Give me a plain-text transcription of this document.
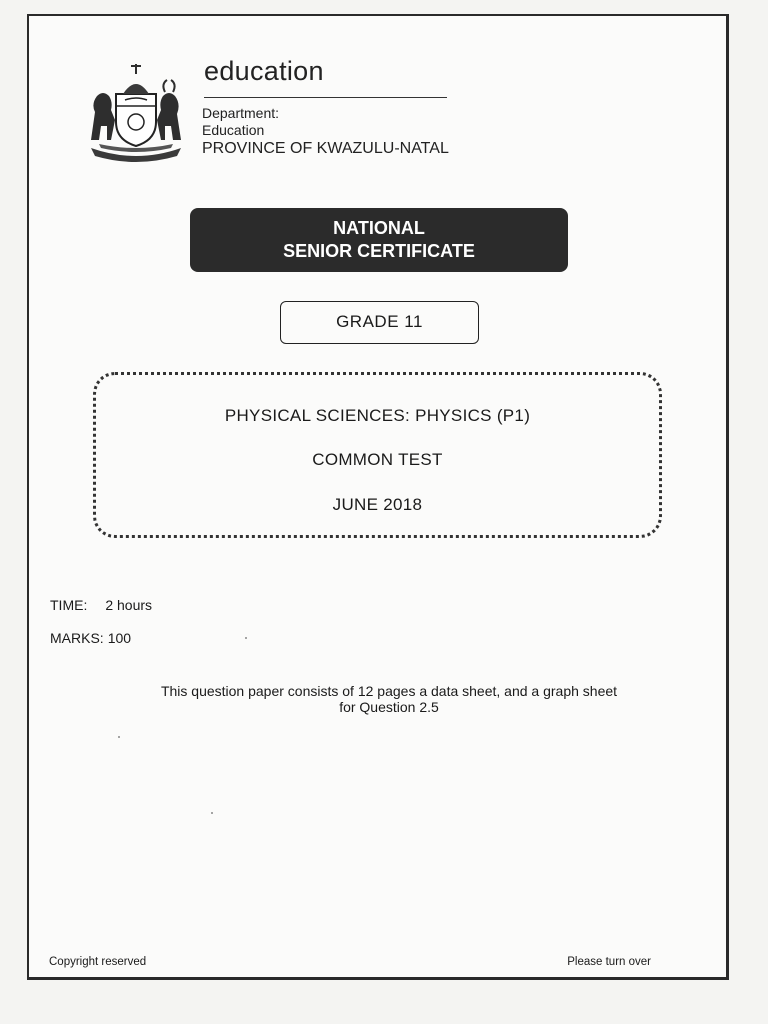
education
Department:
Education
PROVINCE OF KWAZULU-NATAL
NATIONAL
SENIOR CERTIFICATE
GRADE 11
PHYSICAL SCIENCES: PHYSICS (P1)
COMMON TEST
JUNE 2018
TIME: 2 hours
MARKS: 100
This question paper consists of 12 pages a data sheet, and a graph sheet
for Question 2.5
Copyright reserved	Please turn over
